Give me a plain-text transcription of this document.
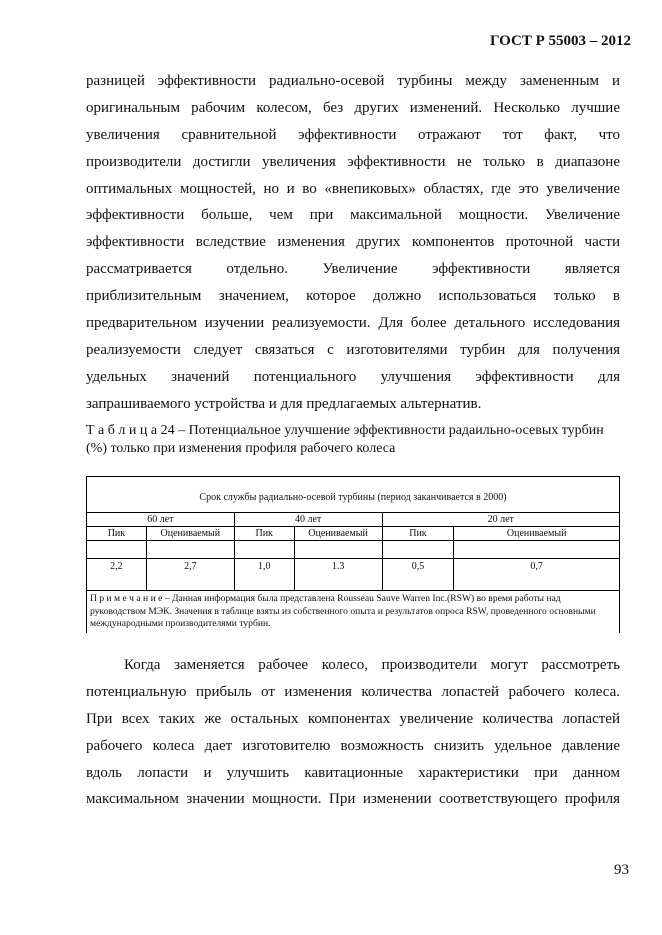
ГОСТ Р 55003 – 2012
разницей эффективности радиально-осевой турбины между замененным и
оригинальным рабочим колесом, без других изменений. Несколько лучшие
увеличения сравнительной эффективности отражают тот факт, что
производители достигли увеличения эффективности не только в диапазоне
оптимальных мощностей, но и во «внепиковых» областях, где это увеличение
эффективности больше, чем при максимальной мощности. Увеличение
эффективности вследствие изменения других компонентов проточной части
рассматривается отдельно. Увеличение эффективности является
приблизительным значением, которое должно использоваться только в
предварительном изучении реализуемости. Для более детального исследования
реализуемости следует связаться с изготовителями турбин для получения
удельных значений потенциального улучшения эффективности для
запрашиваемого устройства и для предлагаемых альтернатив.
Т а б л и ц а 24 – Потенциальное улучшение эффективности радаильно-осевых турбин (%) только при изменения профиля рабочего колеса
Срок службы радиально-осевой турбины (период заканчивается в 2000)					
60 лет		40 лет		20 лет	
Пик	Оцениваемый	Пик	Оцениваемый	Пик	Оцениваемый

2,2	2,7	1,0	1.3	0,5	0,7
П р и м е ч а н и е – Данная информация была представлена Rousseau Sauve Warren Inc.(RSW) во время работы над руководством МЭК. Значения в таблице взяты из собственного опыта и результатов опроса RSW, проведенного основными международными производителями турбин.					
Когда заменяется рабочее колесо, производители могут рассмотреть
потенциальную прибыль от изменения количества лопастей рабочего колеса.
При всех таких же остальных компонентах увеличение количества лопастей
рабочего колеса дает изготовителю возможность снизить удельное давление
вдоль лопасти и улучшить кавитационные характеристики при данном
максимальном значении мощности. При изменении соответствующего профиля
93
